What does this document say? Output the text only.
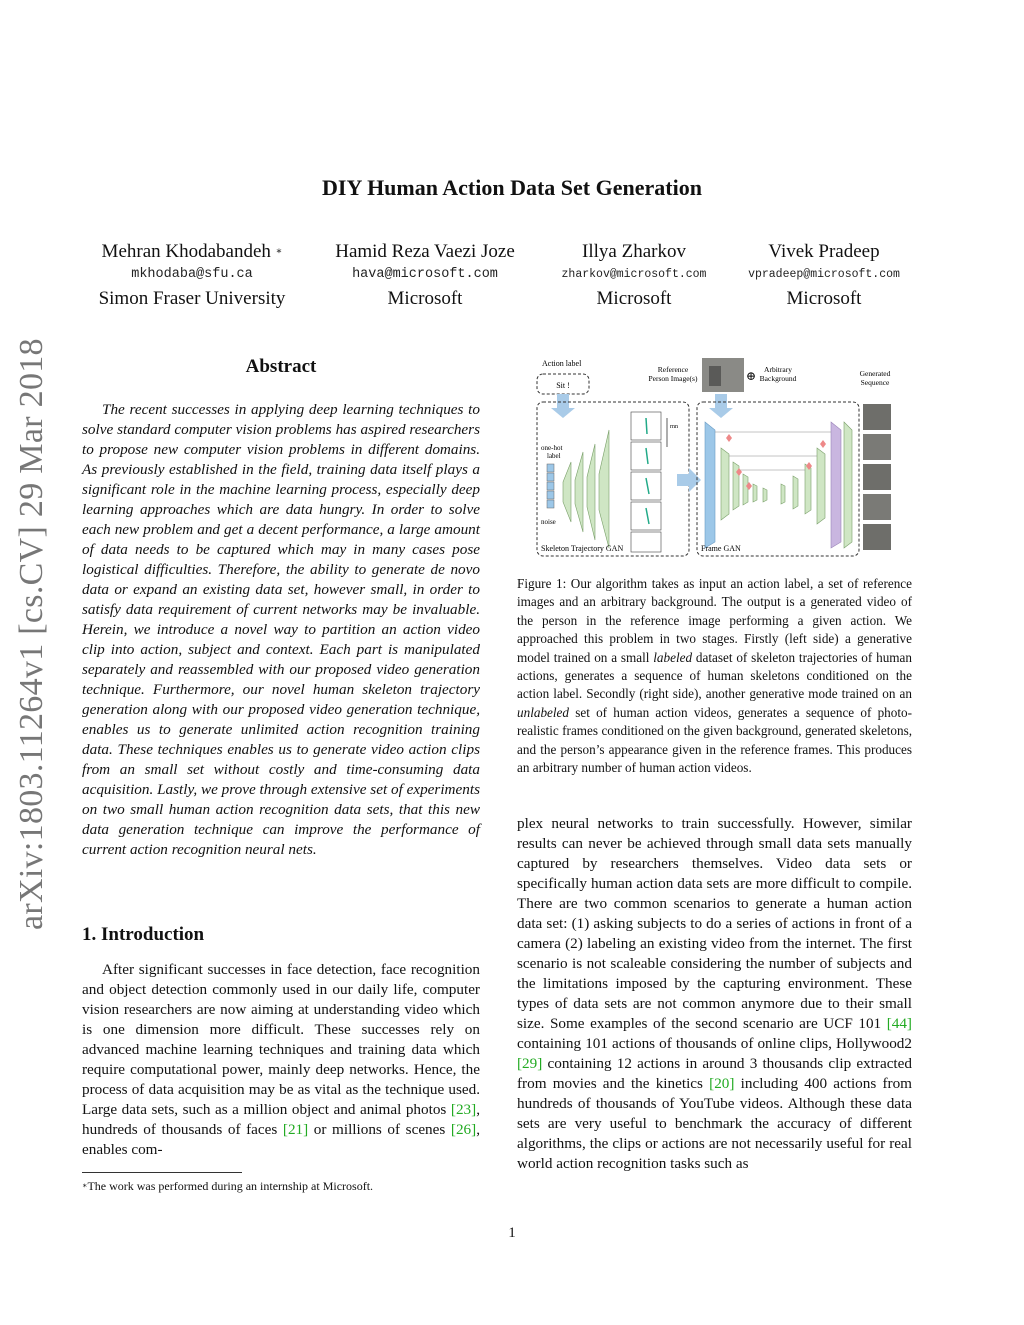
arXiv:1803.11264v1 [cs.CV] 29 Mar 2018
DIY Human Action Data Set Generation
Mehran Khodabandeh ∗
mkhodaba@sfu.ca
Simon Fraser University
Hamid Reza Vaezi Joze
hava@microsoft.com
Microsoft
Illya Zharkov
zharkov@microsoft.com
Microsoft
Vivek Pradeep
vpradeep@microsoft.com
Microsoft
Abstract

The recent successes in applying deep learning techniques to solve standard computer vision problems has aspired researchers to propose new computer vision problems in different domains. As previously established in the field, training data itself plays a significant role in the machine learning process, especially deep learning approaches which are data hungry. In order to solve each new problem and get a decent performance, a large amount of data needs to be captured which may in many cases pose logistical difficulties. Therefore, the ability to generate de novo data or expand an existing data set, however small, in order to satisfy data requirement of current networks may be invaluable. Herein, we introduce a novel way to partition an action video clip into action, subject and context. Each part is manipulated separately and reassembled with our proposed video generation technique. Furthermore, our novel human skeleton trajectory generation along with our proposed video generation technique, enables us to generate unlimited action recognition training data. These techniques enables us to generate video action clips from an small set without costly and time-consuming data acquisition. Lastly, we prove through extensive set of experiments on two small human action recognition data sets, that this new data generation technique can improve the performance of current action recognition neural nets.

1. Introduction

After significant successes in face detection, face recognition and object detection commonly used in our daily life, computer vision researchers are now aiming at understanding video which is one dimension more difficult. These successes rely on advanced machine learning techniques and training data which require computational power, mainly deep networks. Hence, the process of data acquisition may be as vital as the technique used. Large data sets, such as a million object and animal photos [23], hundreds of thousands of faces [21] or millions of scenes [26], enables com-

∗The work was performed during an internship at Microsoft.
Action label
Sit !
Reference Person Image(s)	⊕	Arbitrary Background
Generated Sequence
one-hot label
noise
rnn
Skeleton Trajectory GAN	Frame GAN

Figure 1: Our algorithm takes as input an action label, a set of reference images and an arbitrary background. The output is a generated video of the person in the reference image performing a given action. We approached this problem in two stages. Firstly (left side) a generative model trained on a small labeled dataset of skeleton trajectories of human actions, generates a sequence of human skeletons conditioned on the action label. Secondly (right side), another generative mode trained on an unlabeled set of human action videos, generates a sequence of photo-realistic frames conditioned on the given background, generated skeletons, and the person’s appearance given in the reference frames. This produces an arbitrary number of human action videos.

plex neural networks to train successfully. However, similar results can never be achieved through small data sets manually captured by researchers themselves. Video data sets or specifically human action data sets are more difficult to compile. There are two common scenarios to generate a human action data set: (1) asking subjects to do a series of actions in front of a camera (2) labeling an existing video from the internet. The first scenario is not scaleable considering the number of subjects and the limitations imposed by the capturing environment. These types of data sets are not common anymore due to their small size. Some examples of the second scenario are UCF 101 [44] containing 101 actions of thousands of online clips, Hollywood2 [29] containing 12 actions in around 3 thousands clip extracted from movies and the kinetics [20] including 400 actions from hundreds of thousands of YouTube videos. Although these data sets are very useful to benchmark the accuracy of different algorithms, the clips or actions are not necessarily useful for real world action recognition tasks such as

1
